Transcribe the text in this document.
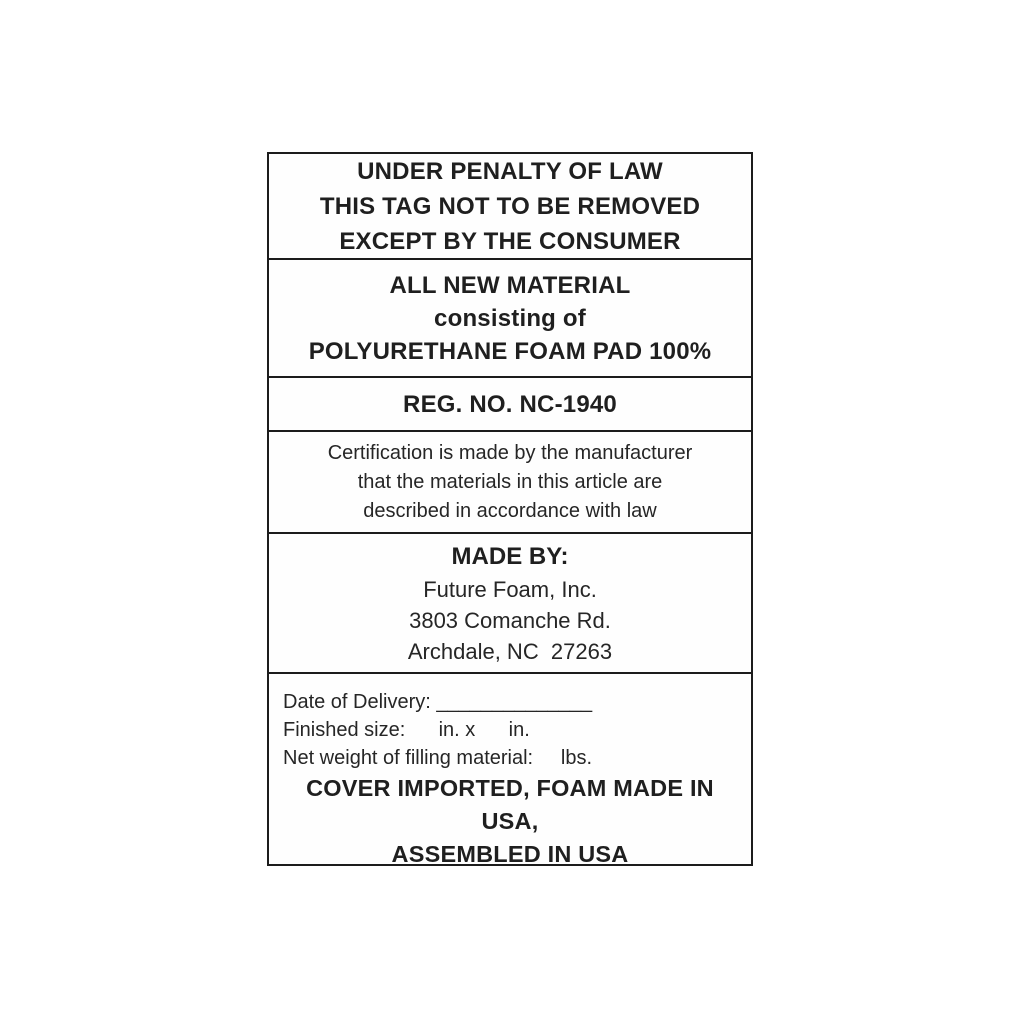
UNDER PENALTY OF LAW
THIS TAG NOT TO BE REMOVED
EXCEPT BY THE CONSUMER
ALL NEW MATERIAL
consisting of
POLYURETHANE FOAM PAD 100%
REG. NO. NC-1940
Certification is made by the manufacturer
that the materials in this article are
described in accordance with law
MADE BY:
Future Foam, Inc.
3803 Comanche Rd.
Archdale, NC  27263
Date of Delivery: ______________
Finished size:      in. x      in.
Net weight of filling material:     lbs.
COVER IMPORTED, FOAM MADE IN USA,
ASSEMBLED IN USA
